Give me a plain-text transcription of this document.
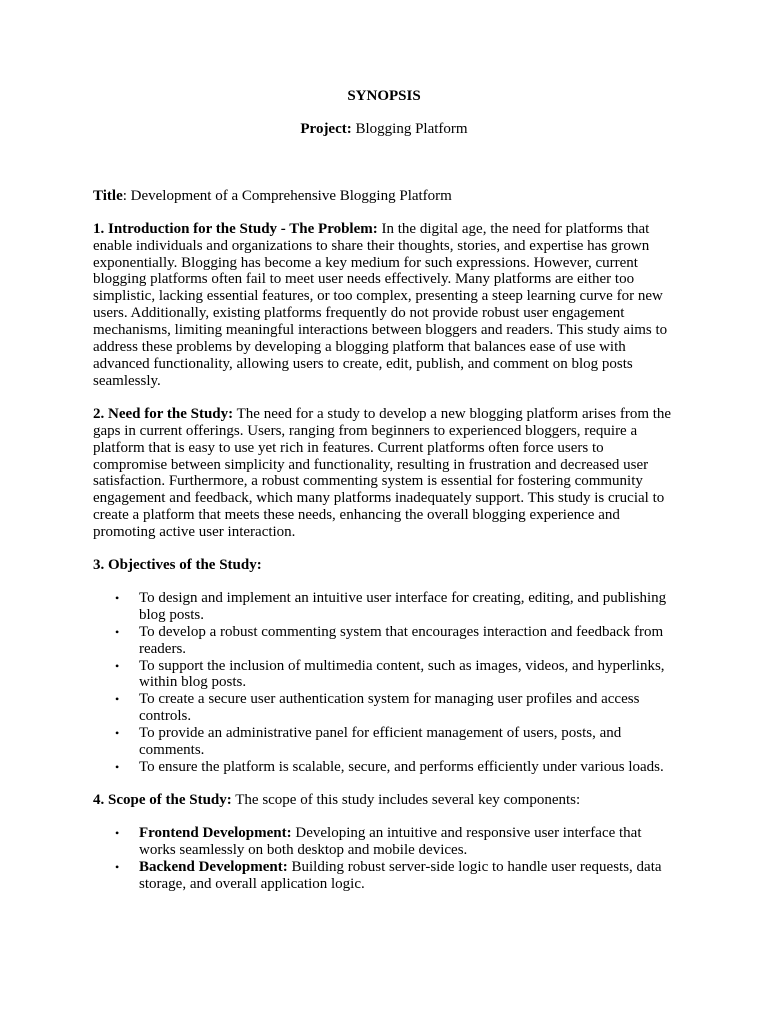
SYNOPSIS

Project: Blogging Platform

Title: Development of a Comprehensive Blogging Platform

1. Introduction for the Study - The Problem: In the digital age, the need for platforms that enable individuals and organizations to share their thoughts, stories, and expertise has grown exponentially. Blogging has become a key medium for such expressions. However, current blogging platforms often fail to meet user needs effectively. Many platforms are either too simplistic, lacking essential features, or too complex, presenting a steep learning curve for new users. Additionally, existing platforms frequently do not provide robust user engagement mechanisms, limiting meaningful interactions between bloggers and readers. This study aims to address these problems by developing a blogging platform that balances ease of use with advanced functionality, allowing users to create, edit, publish, and comment on blog posts seamlessly.

2. Need for the Study: The need for a study to develop a new blogging platform arises from the gaps in current offerings. Users, ranging from beginners to experienced bloggers, require a platform that is easy to use yet rich in features. Current platforms often force users to compromise between simplicity and functionality, resulting in frustration and decreased user satisfaction. Furthermore, a robust commenting system is essential for fostering community engagement and feedback, which many platforms inadequately support. This study is crucial to create a platform that meets these needs, enhancing the overall blogging experience and promoting active user interaction.

3. Objectives of the Study:

• To design and implement an intuitive user interface for creating, editing, and publishing blog posts.
• To develop a robust commenting system that encourages interaction and feedback from readers.
• To support the inclusion of multimedia content, such as images, videos, and hyperlinks, within blog posts.
• To create a secure user authentication system for managing user profiles and access controls.
• To provide an administrative panel for efficient management of users, posts, and comments.
• To ensure the platform is scalable, secure, and performs efficiently under various loads.

4. Scope of the Study: The scope of this study includes several key components:

• Frontend Development: Developing an intuitive and responsive user interface that works seamlessly on both desktop and mobile devices.
• Backend Development: Building robust server-side logic to handle user requests, data storage, and overall application logic.
